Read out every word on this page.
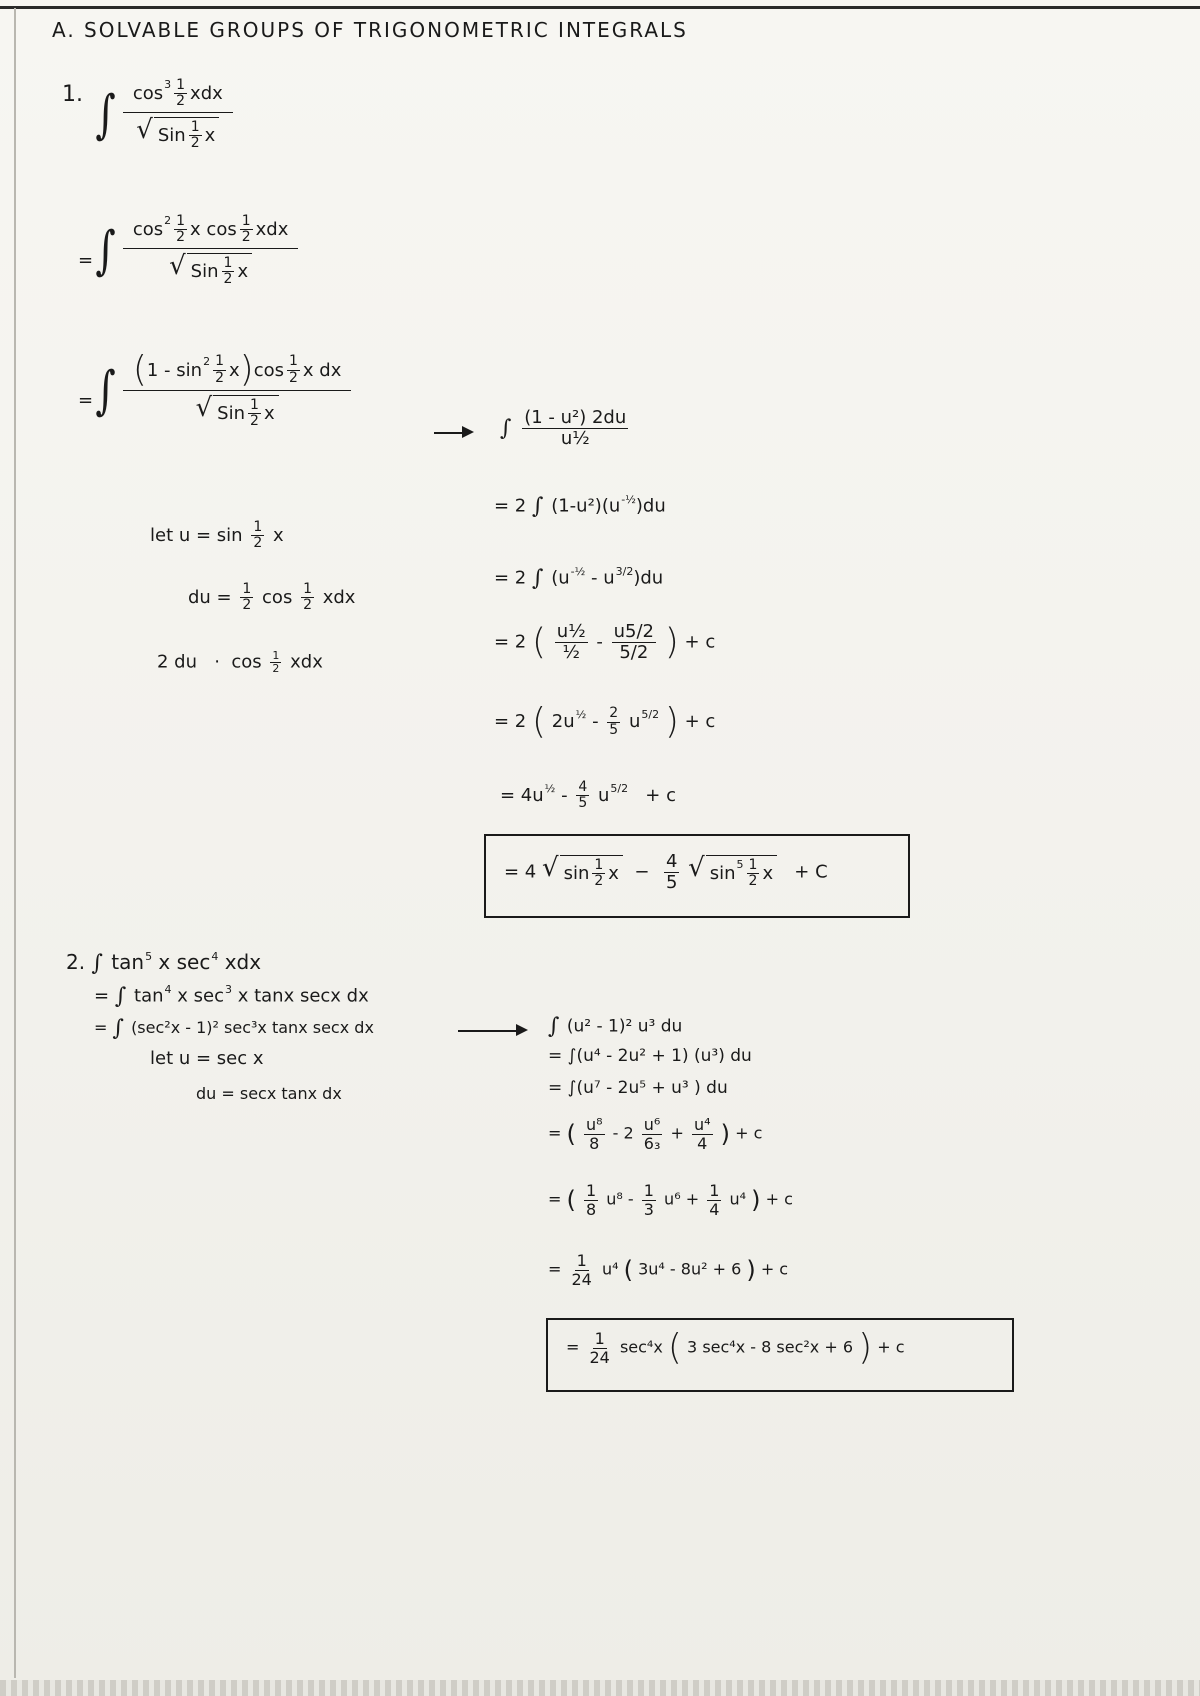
A. SOLVABLE GROUPS OF TRIGONOMETRIC INTEGRALS
1. ∫ $\frac{\cos 3 \frac{1}{2} xdx}{√ Sin \frac{1}{2} x}$
= ∫ $\frac{\cos 2 \frac{1}{2} x \cos \frac{1}{2} xdx}{√ Sin \frac{1}{2} x}$
= ∫ ( $1 - \sin 2 \frac{1}{2}$ x ) $\cos \frac{1}{2}$ x dx
√ Sin $\frac{1}{2}$ x
let $u = \sin \frac{1}{2}$ x
du = $\frac{1}{2}$ $\cos \frac{1}{2}$ xdx
2 du · $\cos \frac{1}{2}$ xdx
∫ $\frac{\text{(1 - u²) 2du}}{\text{u½}}$
= 2 ∫ $(1-u^2)(u^{-\frac{1}{2}})du$
= 2 ∫ $(u^{-\frac{1}{2}} - u^{3/2})du$
= 2 ( $\frac{\text{u½}}{\text{½}} - \frac{u5/2}{5/2}$ ) + c
= 2 ( $2u^{\frac{1}{2}} - \frac{2}{5} u^{5/2}$ ) + c
= $4u^{\frac{1}{2}} - \frac{4}{5} u^{5/2} + c$
= 4 √ $\sin \frac{1}{2}$ $x - \frac{4}{5}$
√ $\sin 5 \frac{1}{2}$ x + C
2. ∫ $\tan^5 x$ $\sec^4$ xdx
= ∫ $\tan^4 x$ $\sec^3 x$ tanx secx dx
= ∫ (sec²x - 1)² sec³x tanx secx dx
let u = sec x
du = secx tanx dx
∫ (u² - 1)² u³ du
= ∫(u⁴ - 2u² + 1) (u³) du
= ∫(u⁷ - 2u⁵ + u³ ) du
= ( $\frac{\text{u⁸}}{8} - 2 \frac{\text{u⁶}}{\text{6₃}} + \frac{\text{u⁴}}{4}$ ) + c
= ( $\frac{1}{8} u^8 - \frac{1}{3} u^6 + \frac{1}{4} u^4$ ) + c
= $\frac{1}{24} u^4$ ( 3u⁴ - 8u² + 6 ) + c
= $\frac{1}{24} \sec^4x$ ( 3 sec⁴x - 8 sec²x + 6 ) + c
